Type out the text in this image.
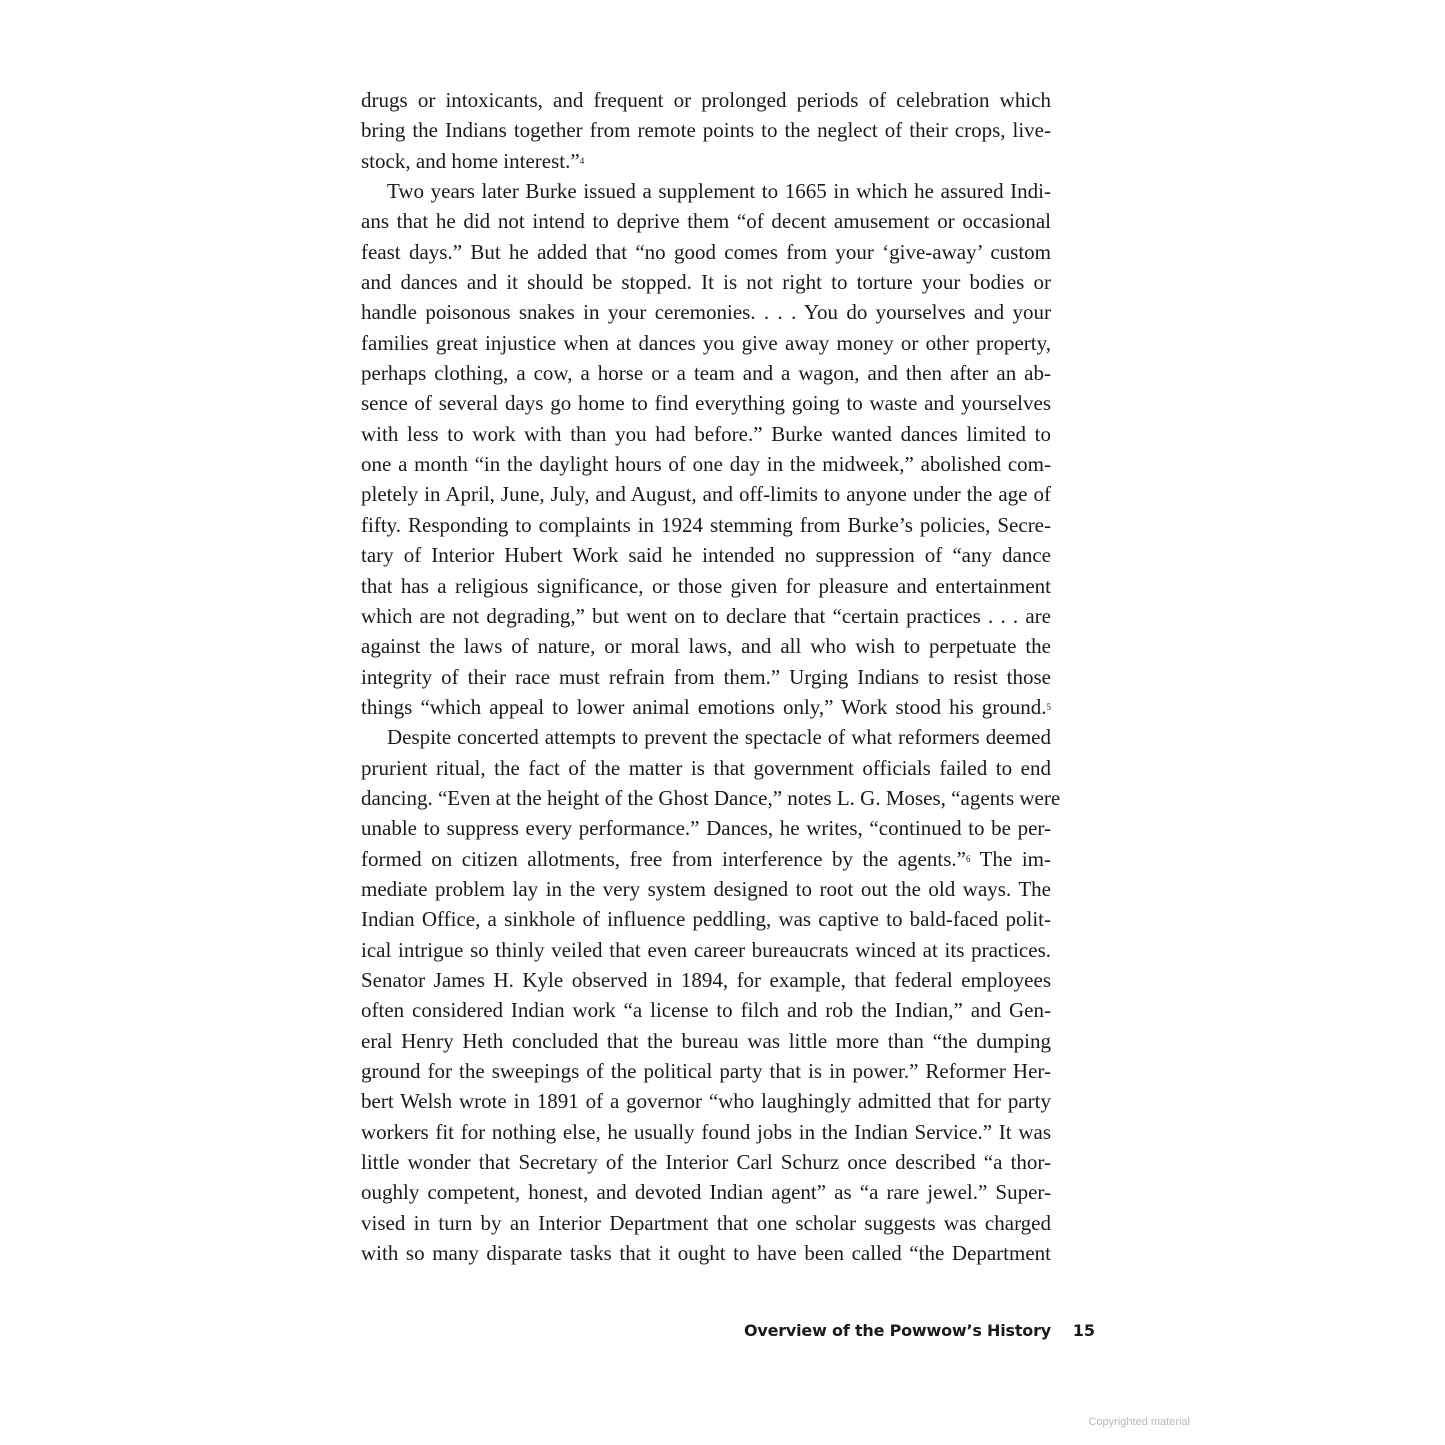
drugs or intoxicants, and frequent or prolonged periods of celebration which
bring the Indians together from remote points to the neglect of their crops, live-
stock, and home interest.”$^4$
Two years later Burke issued a supplement to 1665 in which he assured Indi-
ans that he did not intend to deprive them “of decent amusement or occasional
feast days.” But he added that “no good comes from your ‘give-away’ custom
and dances and it should be stopped. It is not right to torture your bodies or
handle poisonous snakes in your ceremonies. . . . You do yourselves and your
families great injustice when at dances you give away money or other property,
perhaps clothing, a cow, a horse or a team and a wagon, and then after an ab-
sence of several days go home to find everything going to waste and yourselves
with less to work with than you had before.” Burke wanted dances limited to
one a month “in the daylight hours of one day in the midweek,” abolished com-
pletely in April, June, July, and August, and off-limits to anyone under the age of
fifty. Responding to complaints in 1924 stemming from Burke’s policies, Secre-
tary of Interior Hubert Work said he intended no suppression of “any dance
that has a religious significance, or those given for pleasure and entertainment
which are not degrading,” but went on to declare that “certain practices . . . are
against the laws of nature, or moral laws, and all who wish to perpetuate the
integrity of their race must refrain from them.” Urging Indians to resist those
things “which appeal to lower animal emotions only,” Work stood his ground.$^5$
Despite concerted attempts to prevent the spectacle of what reformers deemed
prurient ritual, the fact of the matter is that government officials failed to end
dancing. “Even at the height of the Ghost Dance,” notes L. G. Moses, “agents were
unable to suppress every performance.” Dances, he writes, “continued to be per-
formed on citizen allotments, free from interference by the agents.”$^6$ The im-
mediate problem lay in the very system designed to root out the old ways. The
Indian Office, a sinkhole of influence peddling, was captive to bald-faced polit-
ical intrigue so thinly veiled that even career bureaucrats winced at its practices.
Senator James H. Kyle observed in 1894, for example, that federal employees
often considered Indian work “a license to filch and rob the Indian,” and Gen-
eral Henry Heth concluded that the bureau was little more than “the dumping
ground for the sweepings of the political party that is in power.” Reformer Her-
bert Welsh wrote in 1891 of a governor “who laughingly admitted that for party
workers fit for nothing else, he usually found jobs in the Indian Service.” It was
little wonder that Secretary of the Interior Carl Schurz once described “a thor-
oughly competent, honest, and devoted Indian agent” as “a rare jewel.” Super-
vised in turn by an Interior Department that one scholar suggests was charged
with so many disparate tasks that it ought to have been called “the Department
Overview of the Powwow’s History 15
Copyrighted material
